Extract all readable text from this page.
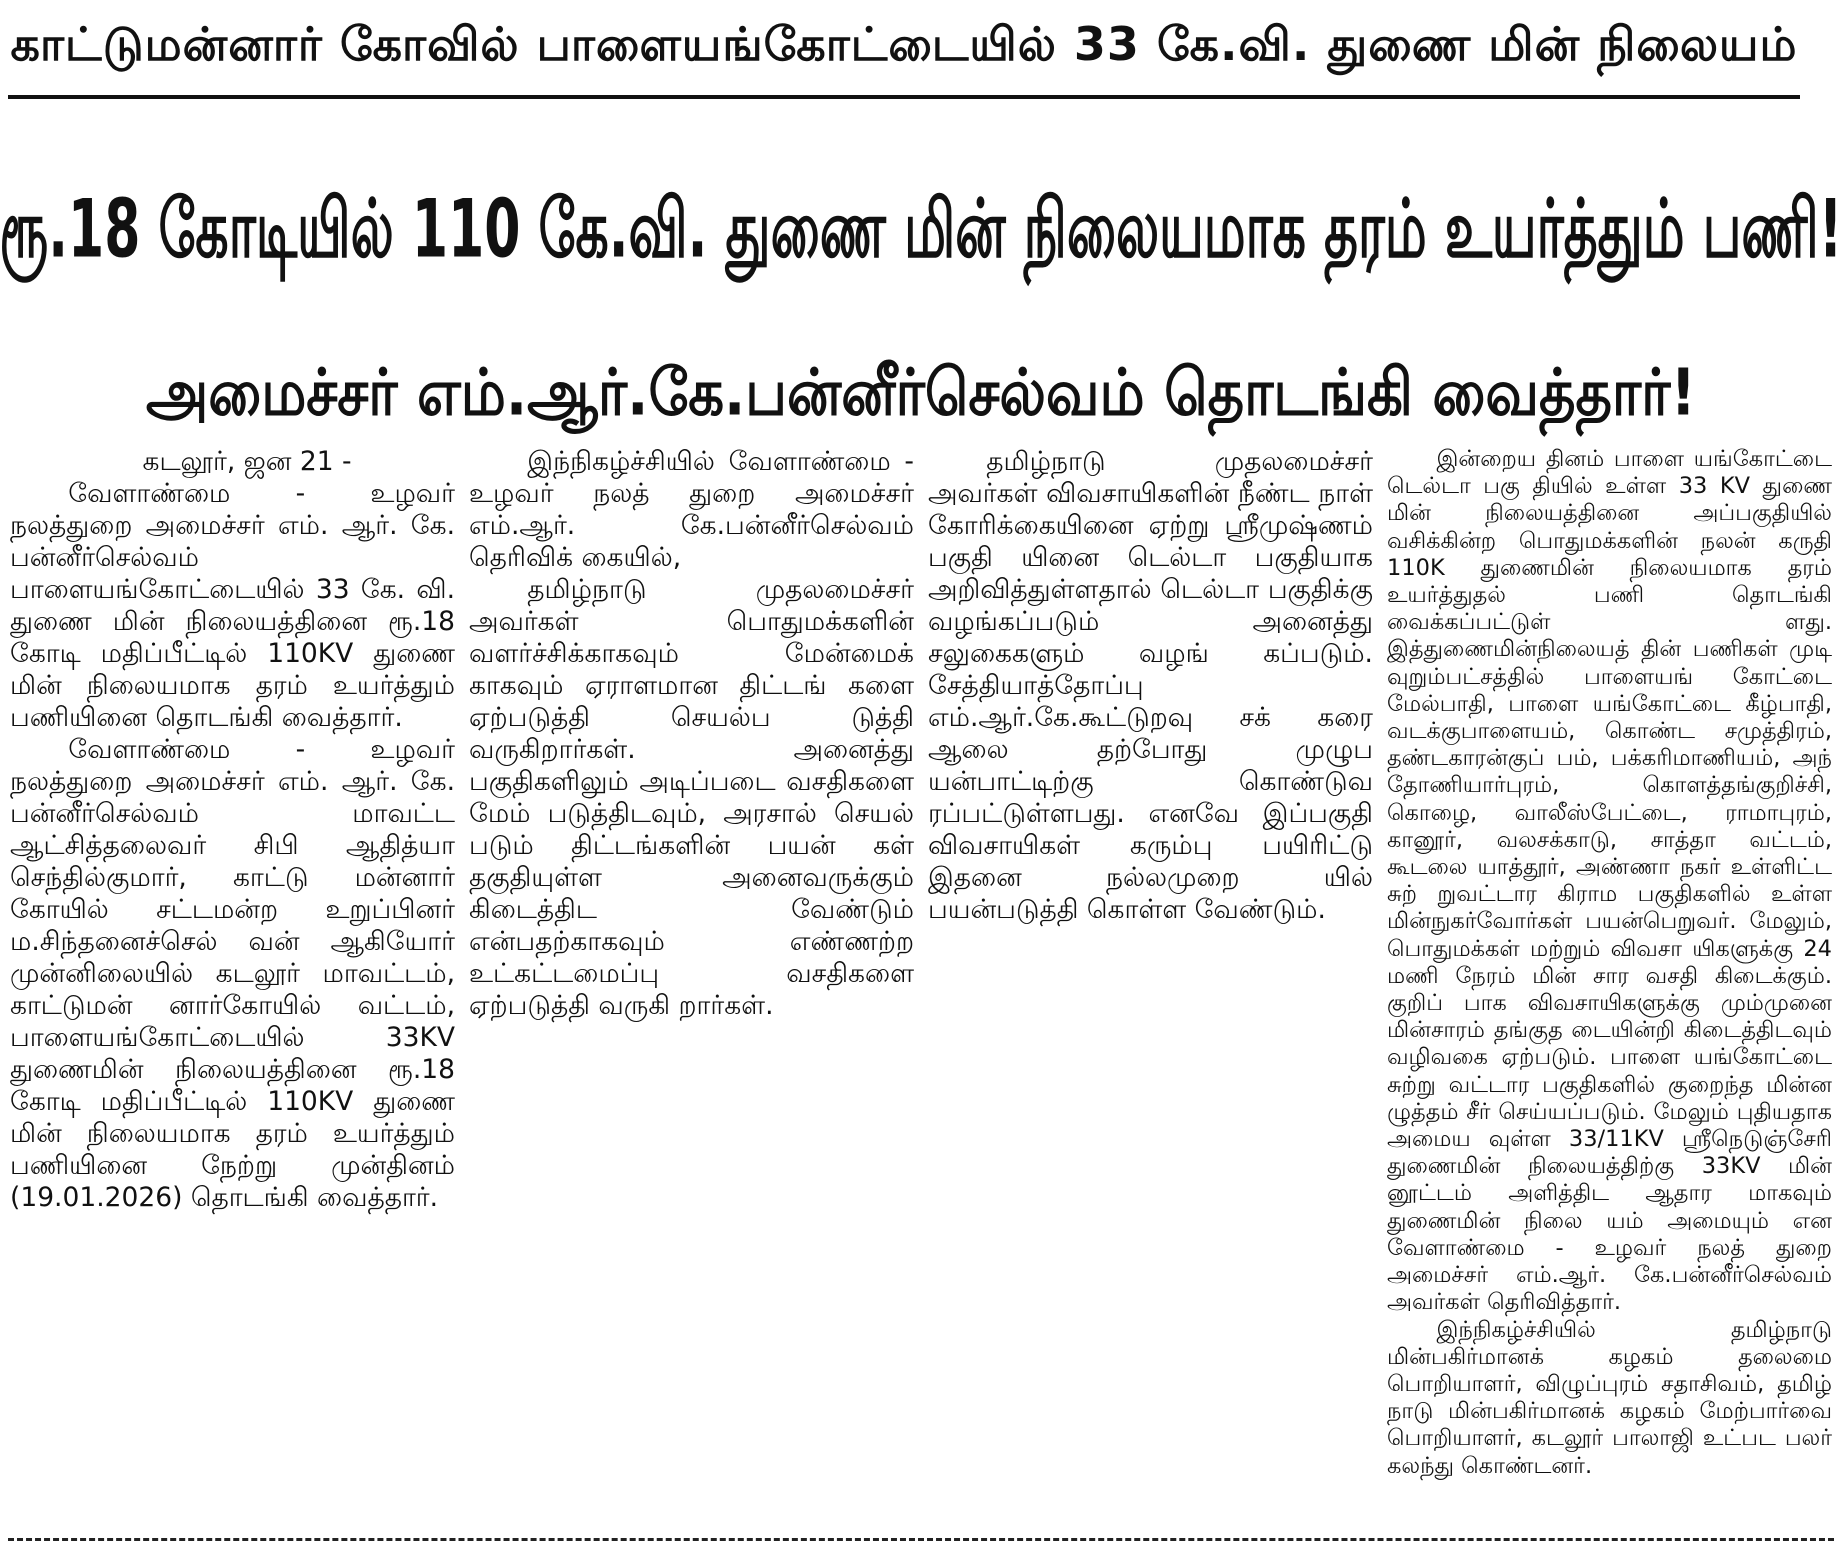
காட்டுமன்னார் கோவில் பாளையங்கோட்டையில் 33 கே.வி. துணை மின் நிலையம்
ரூ.18 கோடியில் 110 கே.வி. துணை மின் நிலையமாக தரம் உயர்த்தும் பணி!
அமைச்சர் எம்.ஆர்.கே.பன்னீர்செல்வம் தொடங்கி வைத்தார்!

கடலூர், ஜன 21 -

வேளாண்மை - உழவர் நலத்துறை அமைச்சர் எம். ஆர். கே. பன்னீர்செல்வம் பாளையங்கோட்டையில் 33 கே. வி. துணை மின் நிலையத்தினை ரூ.18 கோடி மதிப்பீட்டில் 110KV துணை மின் நிலையமாக தரம் உயர்த்தும் பணியினை தொடங்கி வைத்தார்.

வேளாண்மை - உழவர் நலத்துறை அமைச்சர் எம். ஆர். கே. பன்னீர்செல்வம் மாவட்ட ஆட்சித்தலைவர் சிபி ஆதித்யா செந்தில்குமார், காட்டு மன்னார் கோயில் சட்டமன்ற உறுப்பினர் ம.சிந்தனைச்செல் வன் ஆகியோர் முன்னிலையில் கடலூர் மாவட்டம், காட்டுமன் னார்கோயில் வட்டம், பாளையங்கோட்டையில் 33KV துணைமின் நிலையத்தினை ரூ.18 கோடி மதிப்பீட்டில் 110KV துணை மின் நிலையமாக தரம் உயர்த்தும் பணியினை நேற்று முன்தினம் (19.01.2026) தொடங்கி வைத்தார்.

இந்நிகழ்ச்சியில் வேளாண்மை - உழவர் நலத் துறை அமைச்சர் எம்.ஆர். கே.பன்னீர்செல்வம் தெரிவிக் கையில்,

தமிழ்நாடு முதலமைச்சர் அவர்கள் பொதுமக்களின் வளர்ச்சிக்காகவும் மேன்மைக் காகவும் ஏராளமான திட்டங் களை ஏற்படுத்தி செயல்ப டுத்தி வருகிறார்கள். அனைத்து பகுதிகளிலும் அடிப்படை வசதிகளை மேம் படுத்திடவும், அரசால் செயல் படும் திட்டங்களின் பயன் கள் தகுதியுள்ள அனைவருக்கும் கிடைத்திட வேண்டும் என்பதற்காகவும் எண்ணற்ற உட்கட்டமைப்பு வசதிகளை ஏற்படுத்தி வருகி றார்கள்.

தமிழ்நாடு முதலமைச்சர் அவர்கள் விவசாயிகளின் நீண்ட நாள் கோரிக்கையினை ஏற்று ஸ்ரீமுஷ்ணம் பகுதி யினை டெல்டா பகுதியாக அறிவித்துள்ளதால் டெல்டா பகுதிக்கு வழங்கப்படும் அனைத்து சலுகைகளும் வழங் கப்படும். சேத்தியாத்தோப்பு எம்.ஆர்.கே.கூட்டுறவு சக் கரை ஆலை தற்போது முழுப யன்பாட்டிற்கு கொண்டுவ ரப்பட்டுள்ளபது. எனவே இப்பகுதி விவசாயிகள் கரும்பு பயிரிட்டு இதனை நல்லமுறை யில் பயன்படுத்தி கொள்ள வேண்டும்.

இன்றைய தினம் பாளை யங்கோட்டை டெல்டா பகு தியில் உள்ள 33 KV துணை மின் நிலையத்தினை அப்பகுதியில் வசிக்கின்ற பொதுமக்களின் நலன் கருதி 110K துணைமின் நிலையமாக தரம் உயர்த்துதல் பணி தொடங்கி வைக்கப்பட்டுள் ளது. இத்துணைமின்நிலையத் தின் பணிகள் முடி வுறும்பட்சத்தில் பாளையங் கோட்டை மேல்பாதி, பாளை யங்கோட்டை கீழ்பாதி, வடக்குபாளையம், கொண்ட சமுத்திரம், தண்டகாரன்குப் பம், பக்கரிமாணியம், அந் தோணியார்புரம், கொளத்தங்குறிச்சி, கொழை, வாலீஸ்பேட்டை, ராமாபுரம், கானூர், வலசக்காடு, சாத்தா வட்டம், கூடலை யாத்தூர், அண்ணா நகர் உள்ளிட்ட சுற் றுவட்டார கிராம பகுதிகளில் உள்ள மின்நுகர்வோர்கள் பயன்பெறுவர். மேலும், பொதுமக்கள் மற்றும் விவசா யிகளுக்கு 24 மணி நேரம் மின் சார வசதி கிடைக்கும். குறிப் பாக விவசாயிகளுக்கு மும்முனை மின்சாரம் தங்குத டையின்றி கிடைத்திடவும் வழிவகை ஏற்படும். பாளை யங்கோட்டை சுற்று வட்டார பகுதிகளில் குறைந்த மின்ன ழுத்தம் சீர் செய்யப்படும். மேலும் புதியதாக அமைய வுள்ள 33/11KV ஸ்ரீநெடுஞ்சேரி துணைமின் நிலையத்திற்கு 33KV மின் னூட்டம் அளித்திட ஆதார மாகவும் துணைமின் நிலை யம் அமையும் என வேளாண்மை - உழவர் நலத் துறை அமைச்சர் எம்.ஆர். கே.பன்னீர்செல்வம் அவர்கள் தெரிவித்தார்.

இந்நிகழ்ச்சியில் தமிழ்நாடு மின்பகிர்மானக் கழகம் தலைமை பொறியாளர், விழுப்புரம் சதாசிவம், தமிழ் நாடு மின்பகிர்மானக் கழகம் மேற்பார்வை பொறியாளர், கடலூர் பாலாஜி உட்பட பலர் கலந்து கொண்டனர்.
